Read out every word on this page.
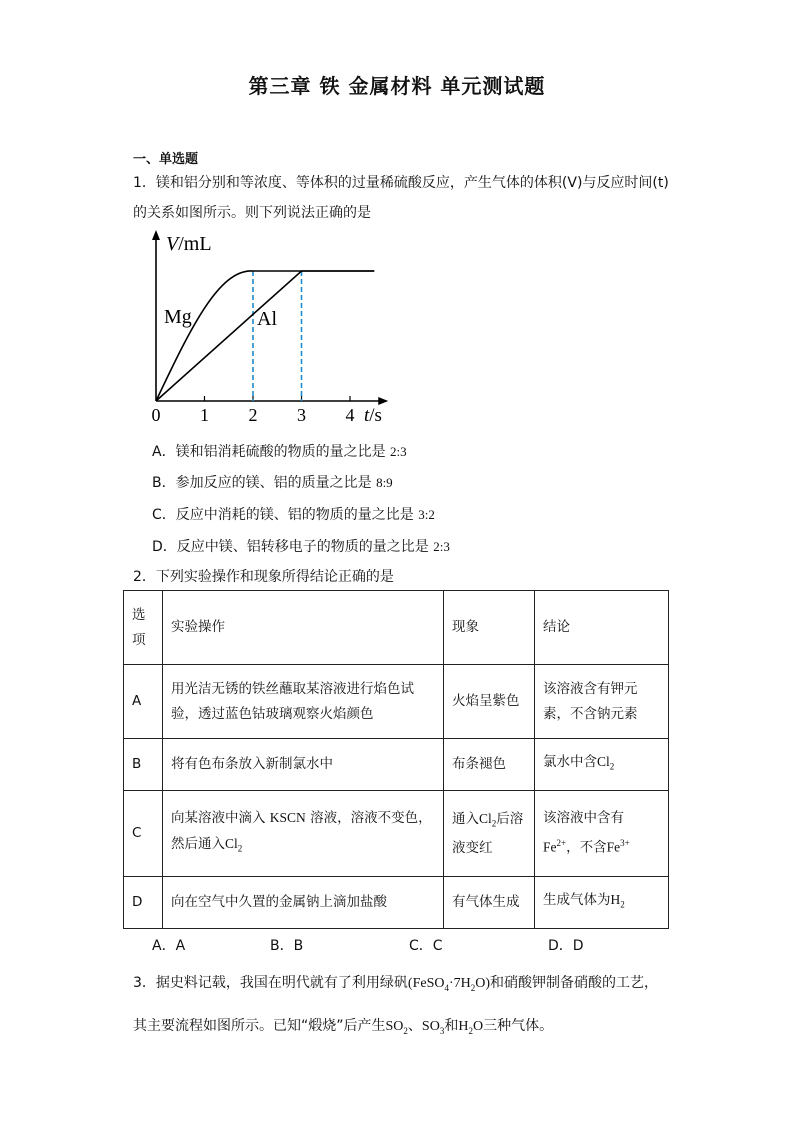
第三章 铁 金属材料 单元测试题
一、单选题
1．镁和铝分别和等浓度、等体积的过量稀硫酸反应，产生气体的体积(V)与反应时间(t)
的关系如图所示。则下列说法正确的是
V/mL
0 1 2 3 4 t/s
Mg	Al
A．镁和铝消耗硫酸的物质的量之比是 2:3
B．参加反应的镁、铝的质量之比是 8:9
C．反应中消耗的镁、铝的物质的量之比是 3:2
D．反应中镁、铝转移电子的物质的量之比是 2:3
2．下列实验操作和现象所得结论正确的是
选项	实验操作	现象	结论
A	用光洁无锈的铁丝蘸取某溶液进行焰色试验，透过蓝色钴玻璃观察火焰颜色	火焰呈紫色	该溶液含有钾元素，不含钠元素
B	将有色布条放入新制氯水中	布条褪色	氯水中含$Cl_2$
C	向某溶液中滴入 KSCN 溶液，溶液不变色，然后通入$Cl_2$	通入$Cl_2$后溶液变红	该溶液中含有$Fe^{2+}$，不含$Fe^{3+}$
D	向在空气中久置的金属钠上滴加盐酸	有气体生成	生成气体为$H_2$
A．A	B．B	C．C	D．D
3．据史料记载，我国在明代就有了利用绿矾$(FeSO_4\cdot 7H_2O)$和硝酸钾制备硝酸的工艺，
其主要流程如图所示。已知“煅烧”后产生$SO_2$、$SO_3$和$H_2O$三种气体。
